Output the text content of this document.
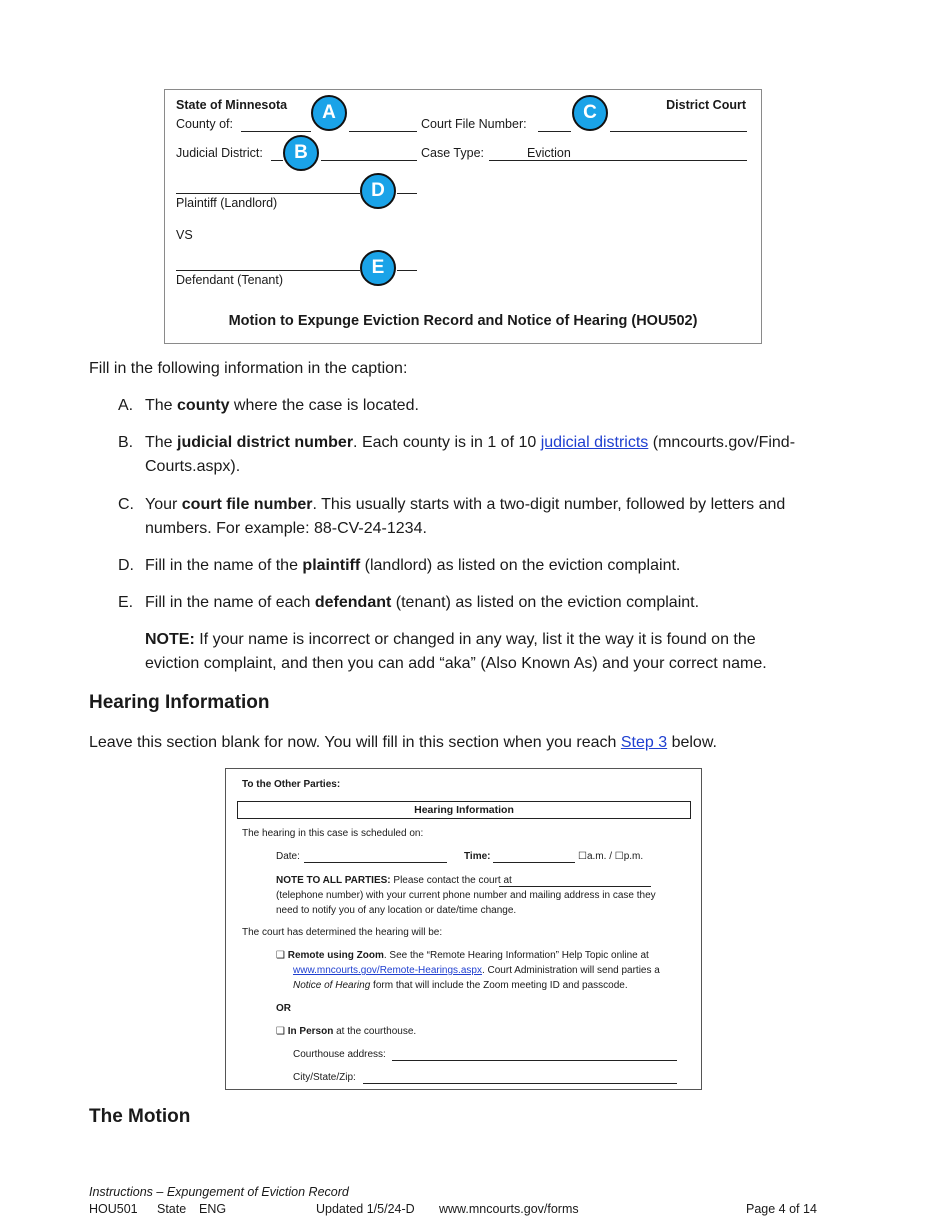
State of Minnesota	District Court
County of:	Court File Number:
Judicial District:	Case Type:	Eviction
Plaintiff (Landlord)
VS
Defendant (Tenant)
A
B
C
D
E
Motion to Expunge Eviction Record and Notice of Hearing (HOU502)
Fill in the following information in the caption:
A. The county where the case is located.
B. The judicial district number. Each county is in 1 of 10 judicial districts (mncourts.gov/Find-
Courts.aspx).
C. Your court file number. This usually starts with a two-digit number, followed by letters and
numbers. For example: 88-CV-24-1234.
D. Fill in the name of the plaintiff (landlord) as listed on the eviction complaint.
E. Fill in the name of each defendant (tenant) as listed on the eviction complaint.
NOTE: If your name is incorrect or changed in any way, list it the way it is found on the
eviction complaint, and then you can add “aka” (Also Known As) and your correct name.
Hearing Information
Leave this section blank for now. You will fill in this section when you reach Step 3 below.
To the Other Parties:
Hearing Information
The hearing in this case is scheduled on:
Date:	Time:	☐a.m. / ☐p.m.
NOTE TO ALL PARTIES: Please contact the court at
(telephone number) with your current phone number and mailing address in case they
need to notify you of any location or date/time change.
The court has determined the hearing will be:
❑ Remote using Zoom. See the “Remote Hearing Information” Help Topic online at
www.mncourts.gov/Remote-Hearings.aspx. Court Administration will send parties a
Notice of Hearing form that will include the Zoom meeting ID and passcode.
OR
❑ In Person at the courthouse.
Courthouse address:
City/State/Zip:
The Motion
Instructions – Expungement of Eviction Record
HOU501 State ENG	Updated 1/5/24-D www.mncourts.gov/forms	Page 4 of 14
